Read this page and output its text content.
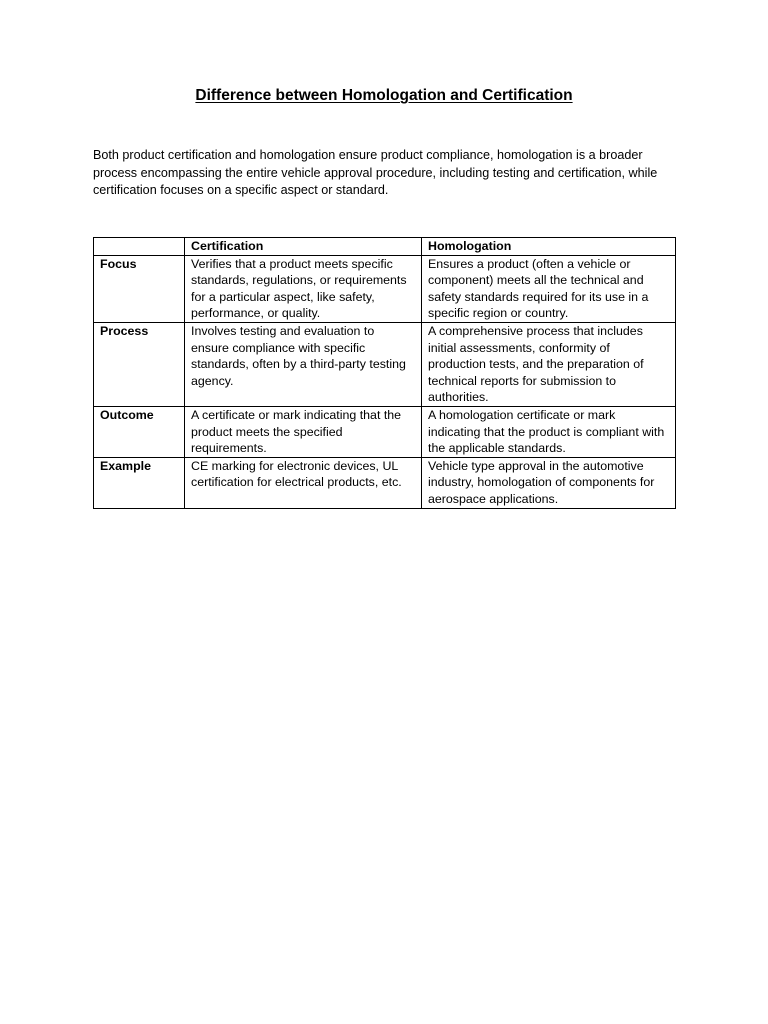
Difference between Homologation and Certification

Both product certification and homologation ensure product compliance, homologation is a broader process encompassing the entire vehicle approval procedure, including testing and certification, while certification focuses on a specific aspect or standard.

	Certification	Homologation
Focus	Verifies that a product meets specific standards, regulations, or requirements for a particular aspect, like safety, performance, or quality.	Ensures a product (often a vehicle or component) meets all the technical and safety standards required for its use in a specific region or country.
Process	Involves testing and evaluation to ensure compliance with specific standards, often by a third-party testing agency.	A comprehensive process that includes initial assessments, conformity of production tests, and the preparation of technical reports for submission to authorities.
Outcome	A certificate or mark indicating that the product meets the specified requirements.	A homologation certificate or mark indicating that the product is compliant with the applicable standards.
Example	CE marking for electronic devices, UL certification for electrical products, etc.	Vehicle type approval in the automotive industry, homologation of components for aerospace applications.
